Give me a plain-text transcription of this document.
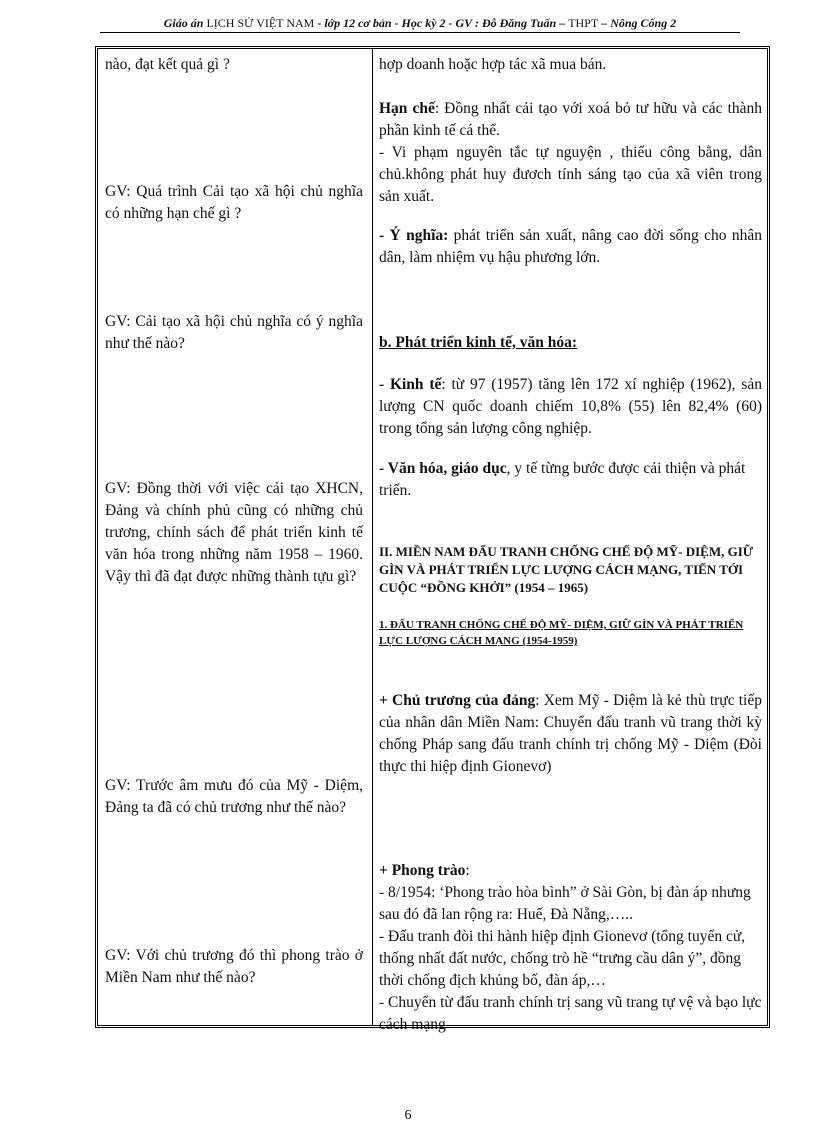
Giáo án LỊCH SỬ VIỆT NAM - lớp 12 cơ bản - Học kỳ 2 - GV : Đỗ Đăng Tuấn – THPT – Nông Cống 2

nào, đạt kết quả gì ?

GV: Quá trình Cải tạo xã hội chủ nghĩa có những hạn chế gì ?

GV: Cải tạo xã hội chủ nghĩa có ý nghĩa như thế nào?

GV: Đồng thời với việc cải tạo XHCN, Đảng và chính phủ cũng có những chủ trương, chính sách để phát triển kinh tế văn hóa trong những năm 1958 – 1960. Vậy thì đã đạt được những thành tựu gì?

GV: Trước âm mưu đó của Mỹ - Diệm, Đảng ta đã có chủ trương như thế nào?

GV: Với chủ trương đó thì phong trào ở Miền Nam như thế nào?

hợp doanh hoặc hợp tác xã mua bán.

Hạn chế: Đồng nhất cải tạo với xoá bỏ tư hữu và các thành phần kinh tế cá thể.

- Vi phạm nguyên tắc tự nguyện , thiếu công bằng, dân chủ.không phát huy đươch tính sáng tạo của xã viên trong sản xuất.

- Ý nghĩa: phát triển sản xuất, nâng cao đời sống cho nhân dân, làm nhiệm vụ hậu phương lớn.

b. Phát triển kinh tế, văn hóa:

- Kinh tế: từ 97 (1957) tăng lên 172 xí nghiệp (1962), sản lượng CN quốc doanh chiếm 10,8% (55) lên 82,4% (60) trong tổng sản lượng công nghiệp.

- Văn hóa, giáo dục, y tế từng bước được cải thiện và phát triển.

II. MIỀN NAM ĐẤU TRANH CHỐNG CHẾ ĐỘ MỸ- DIỆM, GIỮ GÌN VÀ PHÁT TRIỂN LỰC LƯỢNG CÁCH MẠNG, TIẾN TỚI CUỘC “ĐỒNG KHỞI” (1954 – 1965)

1. ĐẤU TRANH CHỐNG CHẾ ĐỘ MỸ- DIỆM, GIỮ GÌN VÀ PHÁT TRIỂN LỰC LƯỢNG CÁCH MẠNG (1954-1959)

+ Chủ trương của đảng: Xem Mỹ - Diệm là kẻ thù trực tiếp của nhân dân Miền Nam: Chuyển đấu tranh vũ trang thời kỳ chống Pháp sang đấu tranh chính trị chống Mỹ - Diệm (Đòi thực thi hiệp định Gionevơ)

+ Phong trào:

- 8/1954: ‘Phong trào hòa bình” ở Sài Gòn, bị đàn áp nhưng sau đó đã lan rộng ra: Huế, Đà Nẵng,…..

- Đấu tranh đòi thi hành hiệp định Gionevơ (tổng tuyển cử, thống nhất đất nước, chống trò hề “trưng cầu dân ý”, đồng thời chống địch khủng bố, đàn áp,…

- Chuyển từ đấu tranh chính trị sang vũ trang tự vệ và bạo lực cách mạng

6
